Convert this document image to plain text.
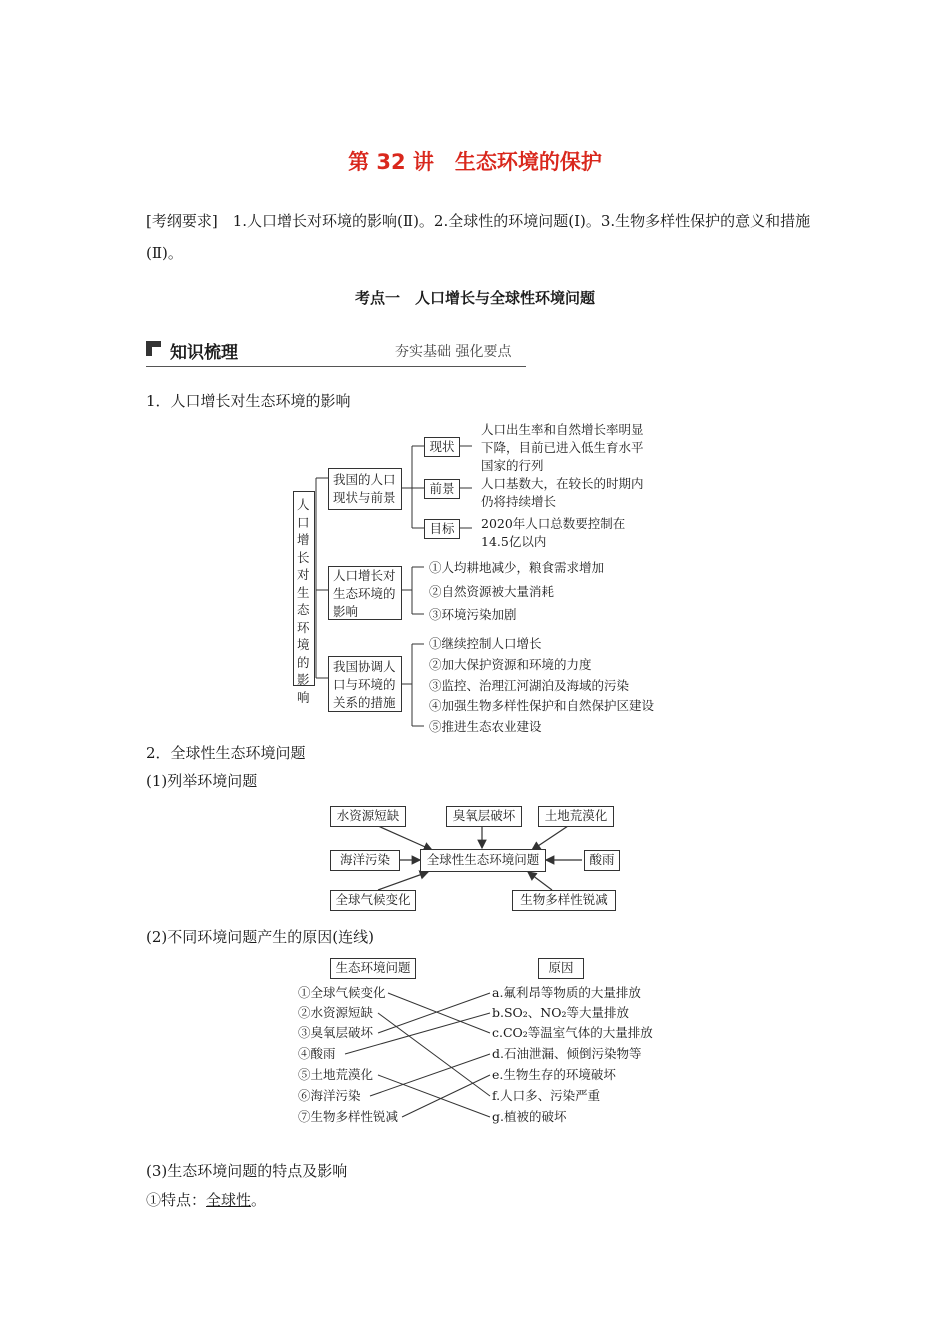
第 32 讲　生态环境的保护
[考纲要求]　1.人口增长对环境的影响(Ⅱ)。2.全球性的环境问题(Ⅰ)。3.生物多样性保护的意义和措施(Ⅱ)。
考点一　人口增长与全球性环境问题
知识梳理	夯实基础 强化要点
1．人口增长对生态环境的影响
人口增长对生态环境的影响
我国的人口现状与前景
人口增长对生态环境的影响
我国协调人口与环境的关系的措施
现状
前景
目标
人口出生率和自然增长率明显下降，目前已进入低生育水平国家的行列
人口基数大，在较长的时期内仍将持续增长
2020年人口总数要控制在14.5亿以内
①人均耕地减少，粮食需求增加
②自然资源被大量消耗
③环境污染加剧
①继续控制人口增长
②加大保护资源和环境的力度
③监控、治理江河湖泊及海域的污染
④加强生物多样性保护和自然保护区建设
⑤推进生态农业建设
2．全球性生态环境问题
(1)列举环境问题
水资源短缺	臭氧层破坏	土地荒漠化
海洋污染	全球性生态环境问题	酸雨
全球气候变化	生物多样性锐减
(2)不同环境问题产生的原因(连线)
生态环境问题	原因
①全球气候变化
②水资源短缺
③臭氧层破坏
④酸雨
⑤土地荒漠化
⑥海洋污染
⑦生物多样性锐减
a.氟利昂等物质的大量排放
b.SO₂、NO₂等大量排放
c.CO₂等温室气体的大量排放
d.石油泄漏、倾倒污染物等
e.生物生存的环境破坏
f.人口多、污染严重
g.植被的破坏
(3)生态环境问题的特点及影响
①特点：全球性。
